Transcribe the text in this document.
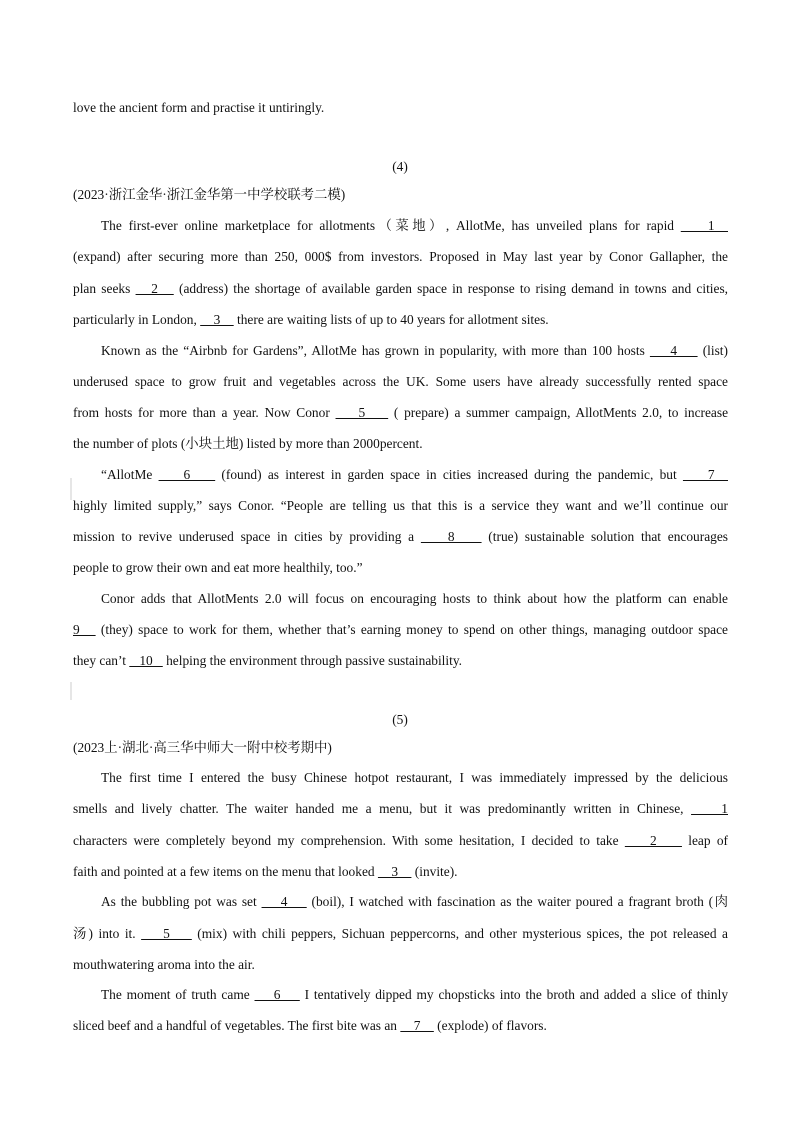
love the ancient form and practise it untiringly.
(4)
(2023·浙江金华·浙江金华第一中学校联考二模)
The first-ever online marketplace for allotments（菜地）, AllotMe, has unveiled plans for rapid     1
(expand) after securing more than 250, 000$ from investors. Proposed in May last year by Conor Gallapher, the
plan seeks    2    (address) the shortage of available garden space in response to rising demand in towns and cities,
particularly in London,     3     there are waiting lists of up to 40 years for allotment sites.
Known as the “Airbnb for Gardens”, AllotMe has grown in popularity, with more than 100 hosts     4     (list)
underused space to grow fruit and vegetables across the UK. Some users have already successfully rented space
from hosts for more than a year. Now Conor     5     ( prepare) a summer campaign, AllotMents 2.0, to increase
the number of plots (小块土地) listed by more than 2000percent.
“AllotMe     6     (found) as interest in garden space in cities increased during the pandemic, but     7
highly limited supply,” says Conor. “People are telling us that this is a service they want and we’ll continue our
mission to revive underused space in cities by providing a     8     (true) sustainable solution that encourages
people to grow their own and eat more healthily, too.”
Conor adds that AllotMents 2.0 will focus on encouraging hosts to think about how the platform can enable
9    (they) space to work for them, whether that’s earning money to spend on other things, managing outdoor space
they can’t    10    helping the environment through passive sustainability.
(5)
(2023上·湖北·高三华中师大一附中校考期中)
The first time I entered the busy Chinese hotpot restaurant, I was immediately impressed by the delicious
smells and lively chatter. The waiter handed me a menu, but it was predominantly written in Chinese,     1
characters were completely beyond my comprehension. With some hesitation, I decided to take     2     leap of
faith and pointed at a few items on the menu that looked     3     (invite).
As the bubbling pot was set     4     (boil), I watched with fascination as the waiter poured a fragrant broth (肉
汤) into it.     5     (mix) with chili peppers, Sichuan peppercorns, and other mysterious spices, the pot released a
mouthwatering aroma into the air.
The moment of truth came     6     I tentatively dipped my chopsticks into the broth and added a slice of thinly
sliced beef and a handful of vegetables. The first bite was an     7     (explode) of flavors.
